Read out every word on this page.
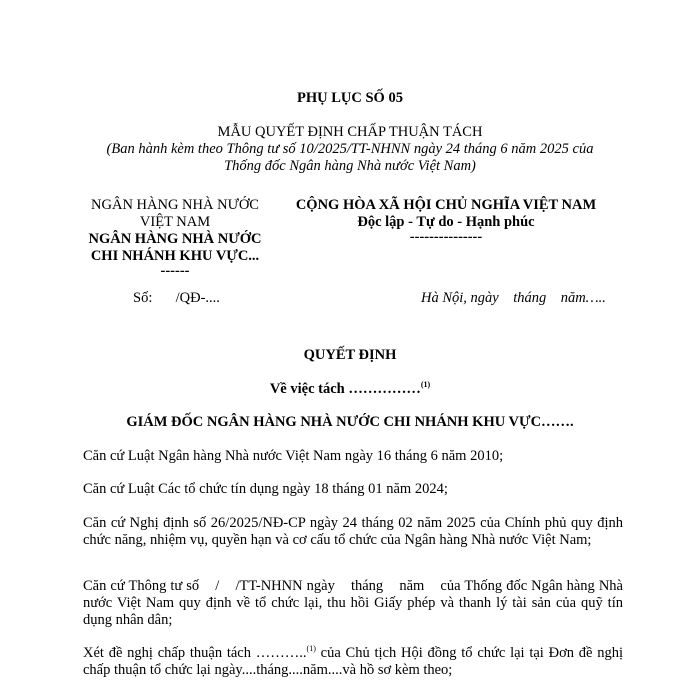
PHỤ LỤC SỐ 05
MẪU QUYẾT ĐỊNH CHẤP THUẬN TÁCH
(Ban hành kèm theo Thông tư số 10/2025/TT-NHNN ngày 24 tháng 6 năm 2025 của
Thống đốc Ngân hàng Nhà nước Việt Nam)
NGÂN HÀNG NHÀ NƯỚC
VIỆT NAM
NGÂN HÀNG NHÀ NƯỚC
CHI NHÁNH KHU VỰC...
------
Số: /QĐ-....
CỘNG HÒA XÃ HỘI CHỦ NGHĨA VIỆT NAM
Độc lập - Tự do - Hạnh phúc
---------------
Hà Nội, ngày    tháng    năm…..
QUYẾT ĐỊNH
Về việc tách ……………$^{(1)}$
GIÁM ĐỐC NGÂN HÀNG NHÀ NƯỚC CHI NHÁNH KHU VỰC…….
Căn cứ Luật Ngân hàng Nhà nước Việt Nam ngày 16 tháng 6 năm 2010;
Căn cứ Luật Các tổ chức tín dụng ngày 18 tháng 01 năm 2024;
Căn cứ Nghị định số 26/2025/NĐ-CP ngày 24 tháng 02 năm 2025 của Chính phủ quy định chức năng, nhiệm vụ, quyền hạn và cơ cấu tổ chức của Ngân hàng Nhà nước Việt Nam;
Căn cứ Thông tư số    /    /TT-NHNN ngày    tháng    năm    của Thống đốc Ngân hàng Nhà nước Việt Nam quy định về tổ chức lại, thu hồi Giấy phép và thanh lý tài sản của quỹ tín dụng nhân dân;
Xét đề nghị chấp thuận tách ………..$^{(1)}$ của Chủ tịch Hội đồng tổ chức lại tại Đơn đề nghị chấp thuận tổ chức lại ngày....tháng....năm....và hồ sơ kèm theo;
